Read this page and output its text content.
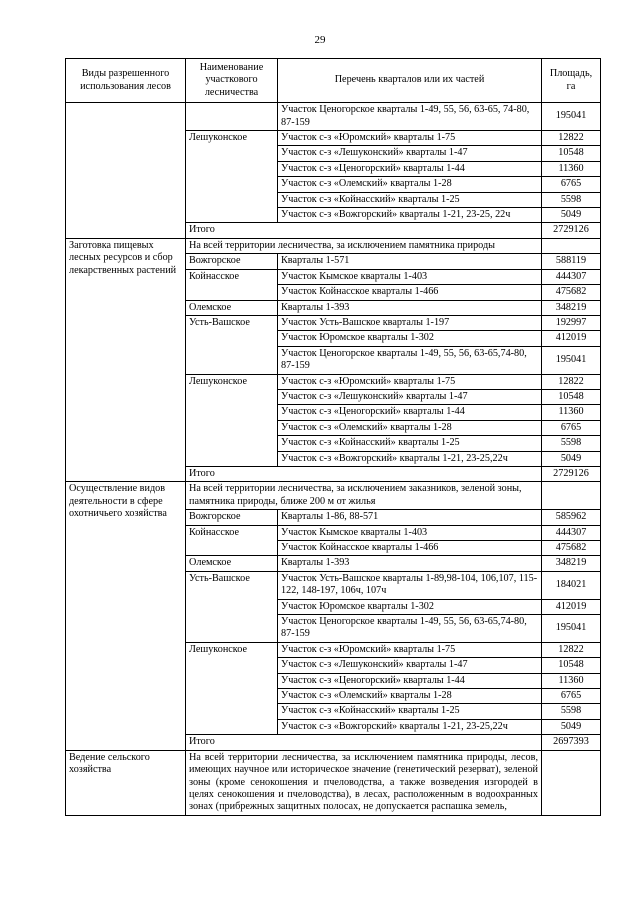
29
Виды разрешенного использования лесов	Наименование участкового лесничества	Перечень кварталов или их частей	Площадь, га
		Участок Ценогорское кварталы 1-49, 55, 56, 63-65, 74-80, 87-159	195041
	Лешуконское	Участок с-з «Юромский» кварталы 1-75	12822
		Участок с-з «Лешуконский» кварталы 1-47	10548
		Участок с-з «Ценогорский» кварталы 1-44	11360
		Участок с-з «Олемский» кварталы 1-28	6765
		Участок с-з «Койнасский» кварталы 1-25	5598
		Участок с-з «Вожгорский» кварталы 1-21, 23-25, 22ч	5049
	Итого		2729126
Заготовка пищевых лесных ресурсов и сбор лекарственных растений	На всей территории лесничества, за исключением памятника природы		
	Вожгорское	Кварталы 1-571	588119
	Койнасское	Участок Кымское кварталы 1-403	444307
		Участок Койнасское кварталы 1-466	475682
	Олемское	Кварталы 1-393	348219
	Усть-Вашское	Участок Усть-Вашское кварталы 1-197	192997
		Участок Юромское кварталы 1-302	412019
		Участок Ценогорское кварталы 1-49, 55, 56, 63-65,74-80, 87-159	195041
	Лешуконское	Участок с-з «Юромский» кварталы 1-75	12822
		Участок с-з «Лешуконский» кварталы 1-47	10548
		Участок с-з «Ценогорский» кварталы 1-44	11360
		Участок с-з «Олемский» кварталы 1-28	6765
		Участок с-з «Койнасский» кварталы 1-25	5598
		Участок с-з «Вожгорский» кварталы 1-21, 23-25,22ч	5049
	Итого		2729126
Осуществление видов деятельности в сфере охотничьего хозяйства	На всей территории лесничества, за исключением заказников, зеленой зоны, памятника природы, ближе 200 м от жилья		
	Вожгорское	Кварталы 1-86, 88-571	585962
	Койнасское	Участок Кымское кварталы 1-403	444307
		Участок Койнасское кварталы 1-466	475682
	Олемское	Кварталы 1-393	348219
	Усть-Вашское	Участок Усть-Вашское кварталы 1-89,98-104, 106,107, 115- 122, 148-197, 106ч, 107ч	184021
		Участок Юромское кварталы 1-302	412019
		Участок Ценогорское кварталы 1-49, 55, 56, 63-65,74-80, 87-159	195041
	Лешуконское	Участок с-з «Юромский» кварталы 1-75	12822
		Участок с-з «Лешуконский» кварталы 1-47	10548
		Участок с-з «Ценогорский» кварталы 1-44	11360
		Участок с-з «Олемский» кварталы 1-28	6765
		Участок с-з «Койнасский» кварталы 1-25	5598
		Участок с-з «Вожгорский» кварталы 1-21, 23-25,22ч	5049
	Итого		2697393
Ведение сельского хозяйства	На всей территории лесничества, за исключением памятника природы, лесов, имеющих научное или историческое значение (генетический резерват), зеленой зоны (кроме сенокошения и пчеловодства, а также возведения изгородей в целях сенокошения и пчеловодства), в лесах, расположенным в водоохранных зонах (прибрежных защитных полосах, не допускается распашка земель,		
